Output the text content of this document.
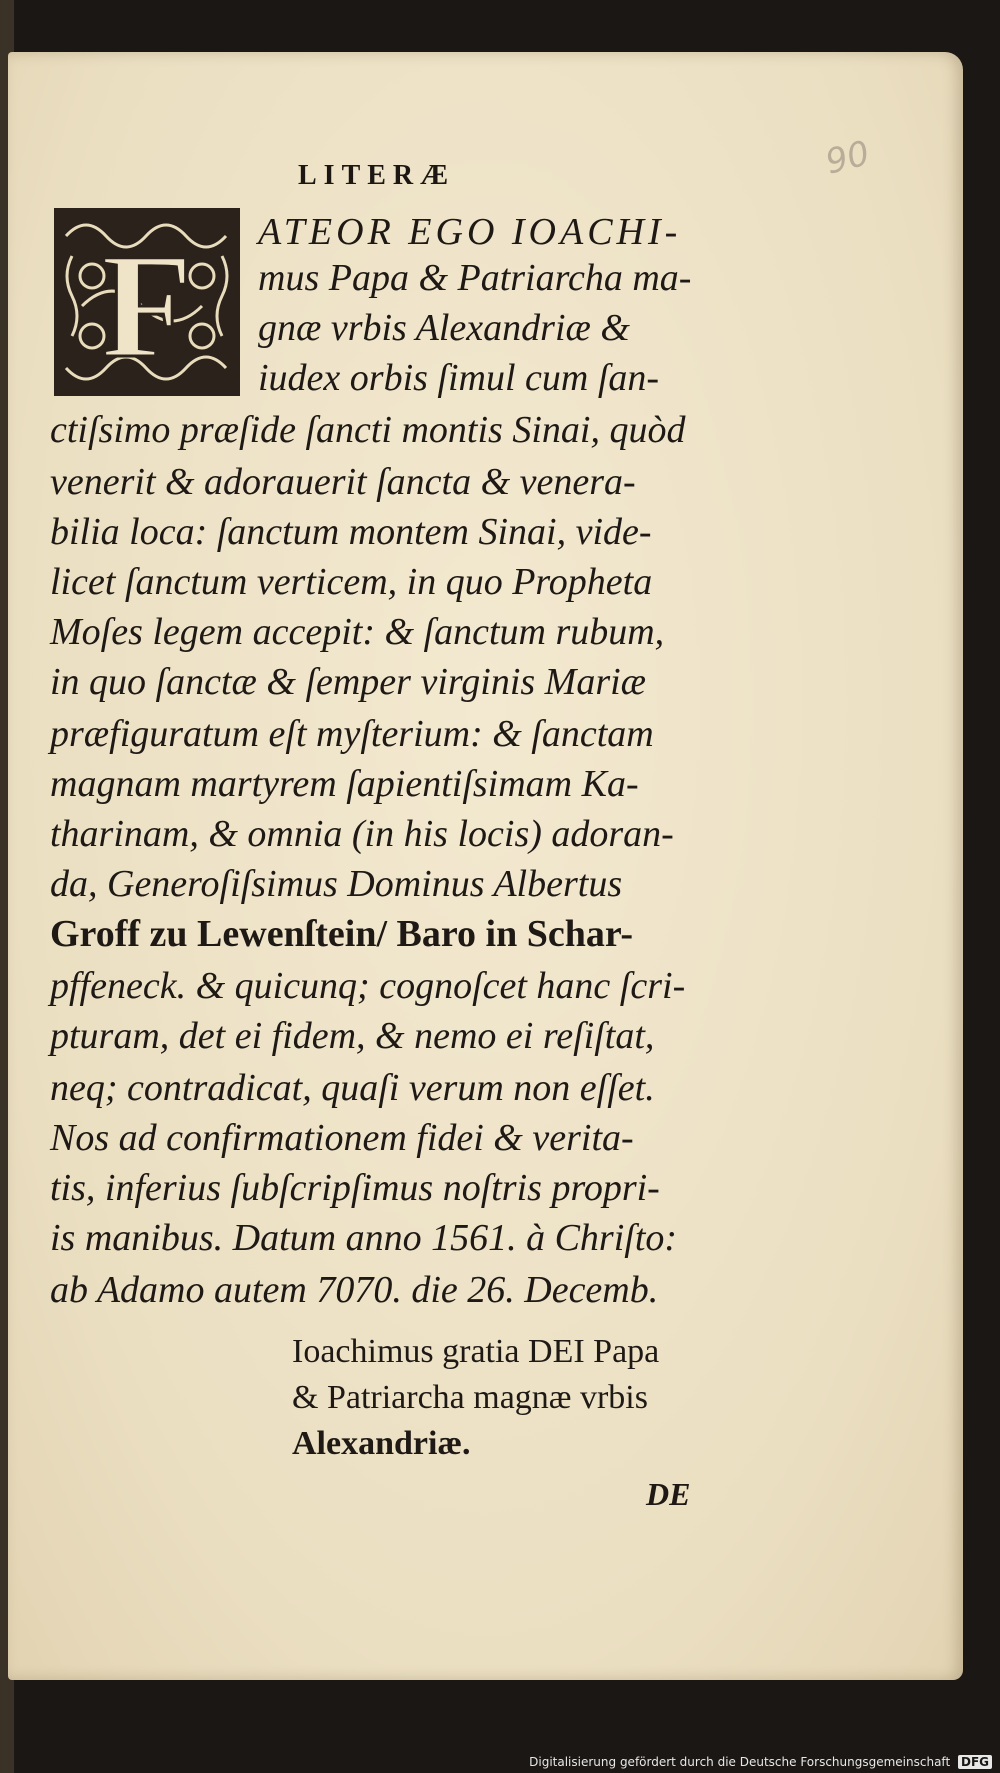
90
LITERÆ
F ATEOR EGO IOACHI-
mus Papa & Patriarcha ma-
gnæ vrbis Alexandriæ &
iudex orbis ſimul cum ſan-
ctiſsimo præſide ſancti montis Sinai, quòd
venerit & adorauerit ſancta & venera-
bilia loca: ſanctum montem Sinai, vide-
licet ſanctum verticem, in quo Propheta
Moſes legem accepit: & ſanctum rubum,
in quo ſanctæ & ſemper virginis Mariæ
præfiguratum eſt myſterium: & ſanctam
magnam martyrem ſapientiſsimam Ka-
tharinam, & omnia (in his locis) adoran-
da, Generoſiſsimus Dominus Albertus
Groff zu Lewenſtein/ Baro in Schar-
pffeneck. & quicunq; cognoſcet hanc ſcri-
pturam, det ei fidem, & nemo ei reſiſtat,
neq; contradicat, quaſi verum non eſſet.
Nos ad confirmationem fidei & verita-
tis, inferius ſubſcripſimus noſtris propri-
is manibus. Datum anno 1561. à Chriſto:
ab Adamo autem 7070. die 26. Decemb.
Ioachimus gratia DEI Papa
& Patriarcha magnæ vrbis
Alexandriæ.
DE
Digitalisierung gefördert durch die Deutsche Forschungsgemeinschaft DFG
